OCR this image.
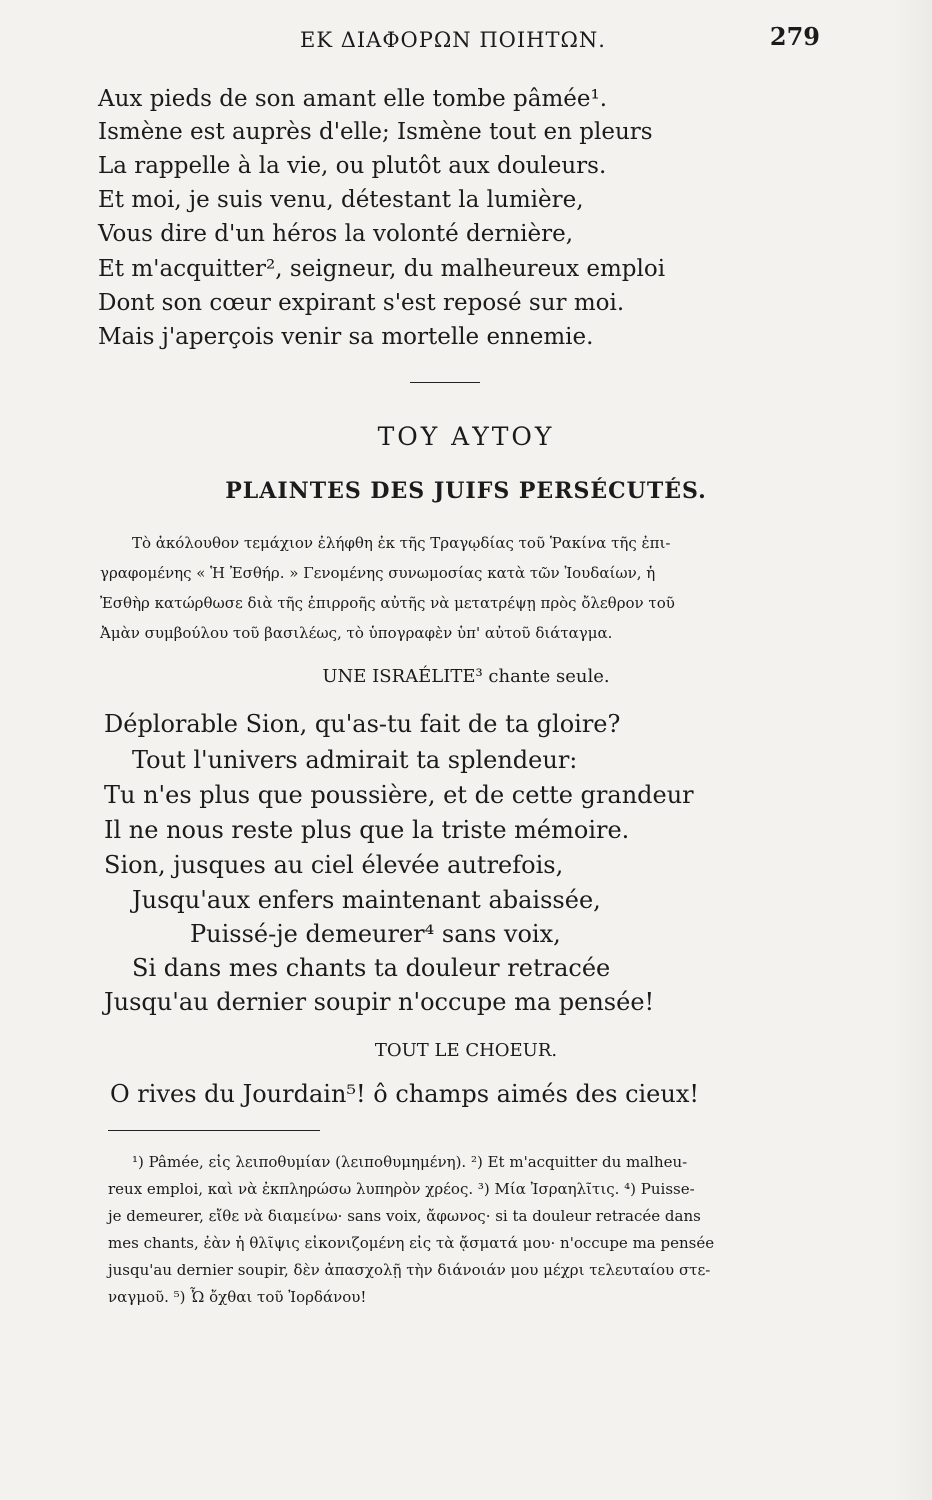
ΕΚ ΔΙΑΦΟΡΩΝ ΠΟΙΗΤΩΝ.	279
Aux pieds de son amant elle tombe pâmée¹.
Ismène est auprès d'elle; Ismène tout en pleurs
La rappelle à la vie, ou plutôt aux douleurs.
Et moi, je suis venu, détestant la lumière,
Vous dire d'un héros la volonté dernière,
Et m'acquitter², seigneur, du malheureux emploi
Dont son cœur expirant s'est reposé sur moi.
Mais j'aperçois venir sa mortelle ennemie.
ΤΟΥ ΑΥΤΟΥ
PLAINTES DES JUIFS PERSÉCUTÉS.
Τὸ ἀκόλουθον τεμάχιον ἐλήφθη ἐκ τῆς Τραγῳδίας τοῦ Ῥακίνα τῆς ἐπι-
γραφομένης « Ἡ Ἐσθήρ. » Γενομένης συνωμοσίας κατὰ τῶν Ἰουδαίων, ἡ
Ἐσθὴρ κατώρθωσε διὰ τῆς ἐπιρροῆς αὐτῆς νὰ μετατρέψῃ πρὸς ὄλεθρον τοῦ
Ἀμὰν συμβούλου τοῦ βασιλέως, τὸ ὑπογραφὲν ὑπ' αὐτοῦ διάταγμα.
UNE ISRAÉLITE³ chante seule.
Déplorable Sion, qu'as-tu fait de ta gloire?
Tout l'univers admirait ta splendeur:
Tu n'es plus que poussière, et de cette grandeur
Il ne nous reste plus que la triste mémoire.
Sion, jusques au ciel élevée autrefois,
Jusqu'aux enfers maintenant abaissée,
Puissé-je demeurer⁴ sans voix,
Si dans mes chants ta douleur retracée
Jusqu'au dernier soupir n'occupe ma pensée!
TOUT LE CHOEUR.
O rives du Jourdain⁵! ô champs aimés des cieux!
¹) Pâmée, εἰς λειποθυμίαν (λειποθυμημένη). ²) Et m'acquitter du malheu-
reux emploi, καὶ νὰ ἐκπληρώσω λυπηρὸν χρέος. ³) Μία Ἰσραηλῖτις. ⁴) Puisse-
je demeurer, εἴθε νὰ διαμείνω· sans voix, ἄφωνος· si ta douleur retracée dans
mes chants, ἐὰν ἡ θλῖψις εἰκονιζομένη εἰς τὰ ᾄσματά μου· n'occupe ma pensée
jusqu'au dernier soupir, δὲν ἀπασχολῇ τὴν διάνοιάν μου μέχρι τελευταίου στε-
ναγμοῦ. ⁵) Ὦ ὄχθαι τοῦ Ἰορδάνου!
